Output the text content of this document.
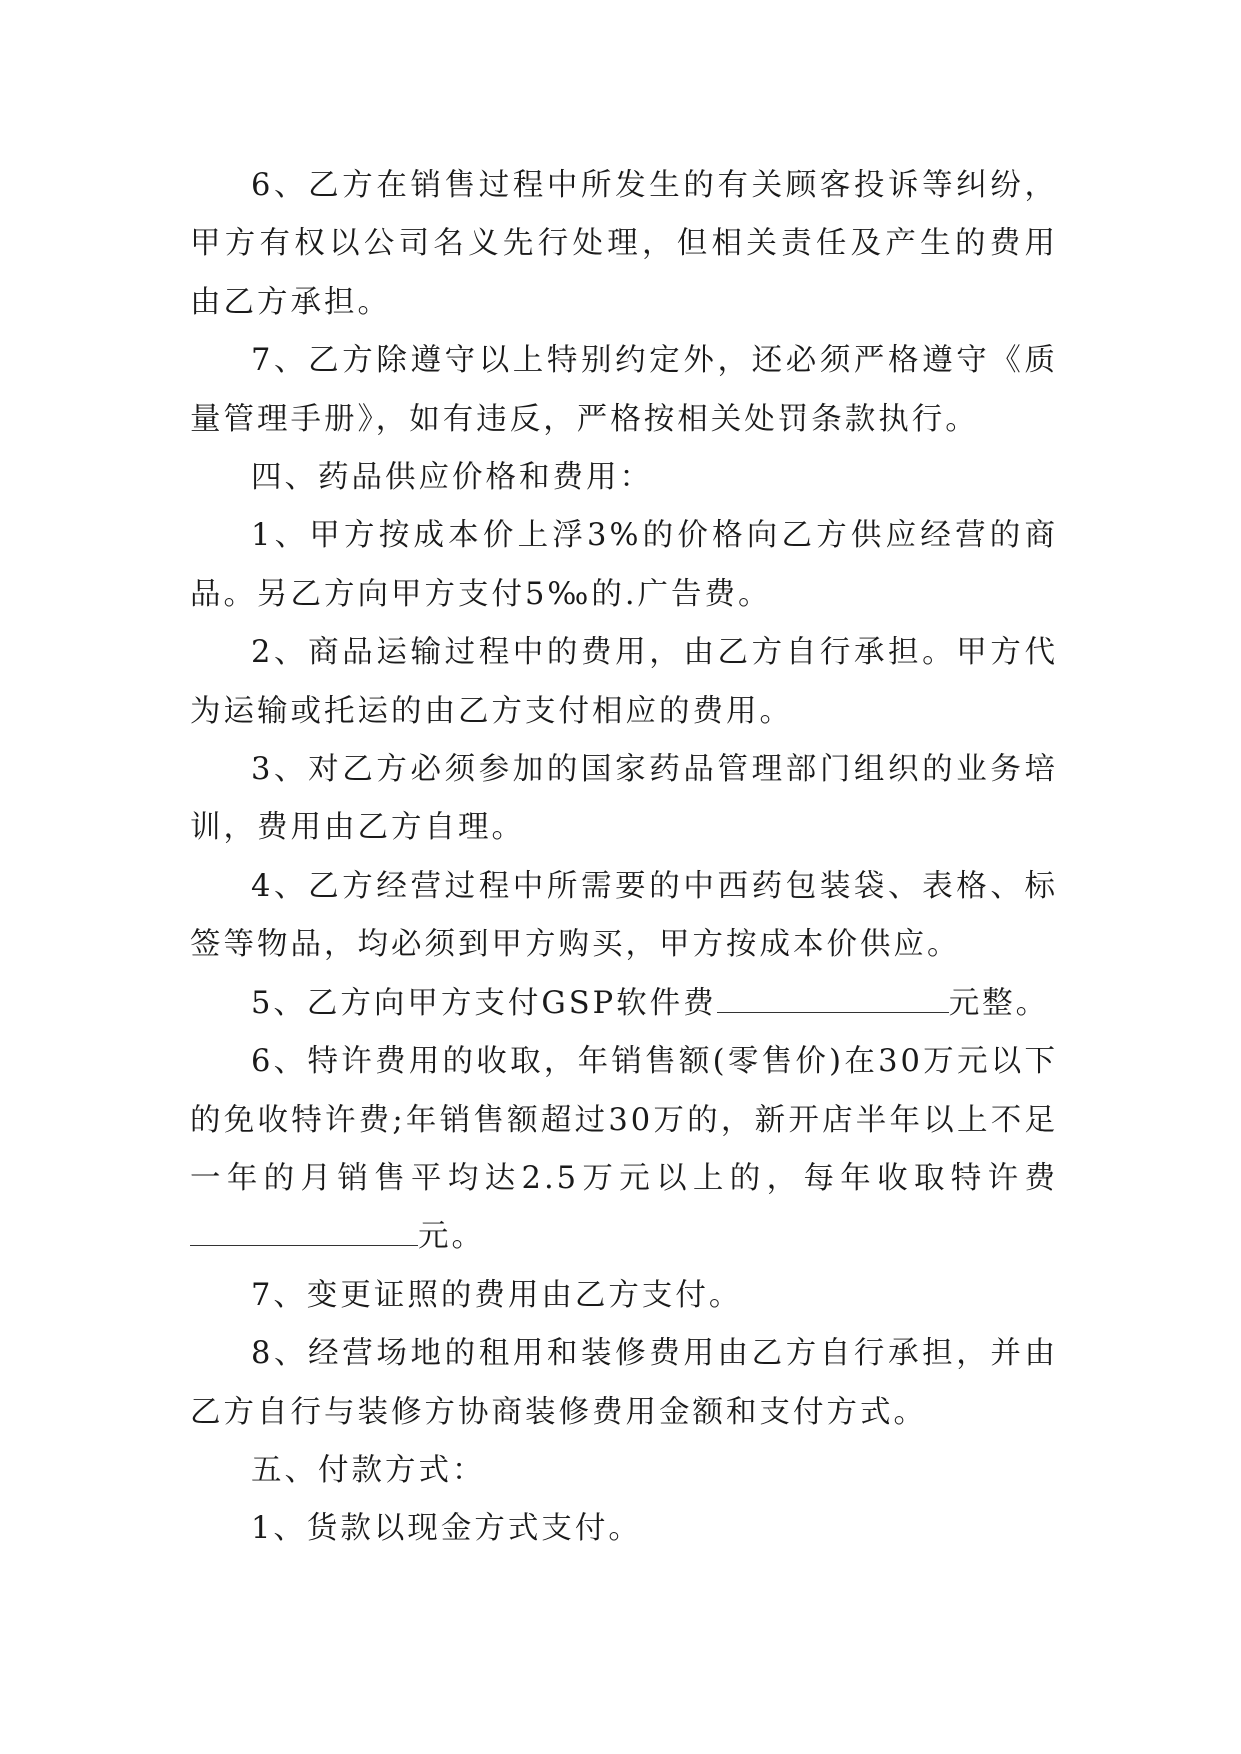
6、乙方在销售过程中所发生的有关顾客投诉等纠纷，甲方有权以公司名义先行处理，但相关责任及产生的费用由乙方承担。

7、乙方除遵守以上特别约定外，还必须严格遵守《质量管理手册》，如有违反，严格按相关处罚条款执行。

四、药品供应价格和费用：

1、甲方按成本价上浮3%的价格向乙方供应经营的商品。另乙方向甲方支付5‰的.广告费。

2、商品运输过程中的费用，由乙方自行承担。甲方代为运输或托运的由乙方支付相应的费用。

3、对乙方必须参加的国家药品管理部门组织的业务培训，费用由乙方自理。

4、乙方经营过程中所需要的中西药包装袋、表格、标签等物品，均必须到甲方购买，甲方按成本价供应。

5、乙方向甲方支付GSP软件费	元整。

6、特许费用的收取，年销售额(零售价)在30万元以下的免收特许费;年销售额超过30万的，新开店半年以上不足一年的月销售平均达2.5万元以上的，每年收取特许费元。

7、变更证照的费用由乙方支付。

8、经营场地的租用和装修费用由乙方自行承担，并由乙方自行与装修方协商装修费用金额和支付方式。

五、付款方式：

1、货款以现金方式支付。
